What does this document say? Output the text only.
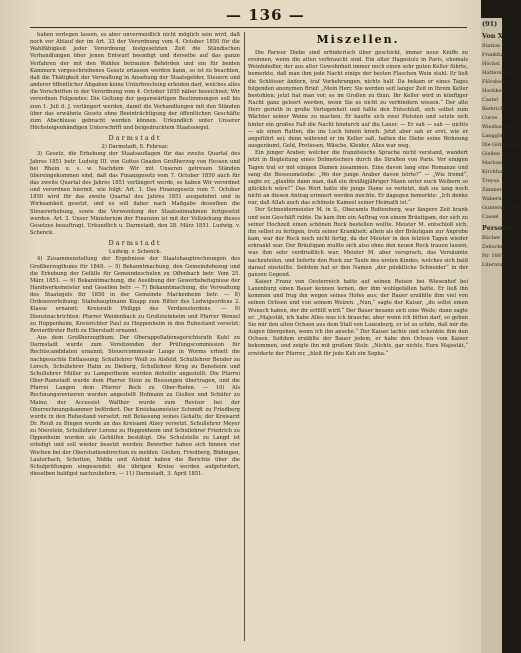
— 136 —

haben verlegen lassen, es aber unvermeidlich nicht möglich sein wird, daß noch vor Ablauf der im Art. 33 der Verordnung vom 4. October 1850 für die Wahlfähigkeit jeder Verordnung festgesetzten Zeit die Ständischen Verhandlungen über jenen Entwurf beendigt und derselbe auf das ganze Verfahren der mit den Wahlen betrauten Behörden und ein für beiden Kammern vorgeschriebenes Gesetz erlassen werden kann, so ist zu beachten, daß die Thätigkeit der Verwaltung in Ansehung der Staatsgelder, Steuern und anderer öffentlicher Abgaben keine Unterbrechung erleiden darf, welches alles die Vorschriften in der Verordnung vom 4. October 1850 näher bezeichnet; Wir verordnen Folgendes: Die Geltung der gegenwärtigen Bestimmungen soll bis zum 1. Juli d. J. verlängert werden, damit die Verhandlungen mit den Ständen über das erwähnte Gesetz ohne Beeinträchtigung der öffentlichen Geschäfte zum Abschlusse gebracht werden können. Urkundlich unter Unserer Höchsteigenhändigen Unterschrift und beigedrucktem Staatssiegel.

Darmstadt

2) Darmstadt, 8. Februar.

3) Gesetz, die Erhebung der Staatsauflagen für das zweite Quartal des Jahres 1851 betr. Ludwig III. von Gottes Gnaden Großherzog von Hessen und bei Rhein u. s. w. Nachdem Wir mit Unseren getreuen Ständen übereingekommen sind, daß das Finanzgesetz vom 7. October 1850 auch für das zweite Quartal des Jahres 1851 verlängert werde, so haben Wir verordnet und verordnen hiermit, wie folgt: Art. 1. Das Finanzgesetz vom 7. October 1850 wird für das zweite Quartal des Jahres 1851 ausgedehnt und in Wirksamkeit gesetzt, und es soll daher nach Maßgabe desselben die Steuererhebung, sowie die Verwendung der Staatseinnahmen fortgesetzt werden. Art. 2. Unser Ministerium der Finanzen ist mit der Vollziehung dieses Gesetzes beauftragt. Urkundlich u. Darmstadt, den 28. März 1851. Ludwig. v. Schenck.

Darmstadt

Ludwig. v. Schenck.

4) Zusammenstellung der Ergebnisse der Staatshauptrechnungen des Großherzogthums für 1848. — 5) Bekanntmachung, den Gemeindebezug und die Erhebung der Gefälle für Gemeindeschulen zu Offenbach betr. Vom 25. März 1851. — 6) Bekanntmachung, die Ausübung der Gewerbsbefugnisse der Handwerksmeister und Gesellen betr. — 7) Bekanntmachung, die Verwaltung des Staatsguts für 1850 in der Gemeinde Mackenheim betr. — 8) Ordensverleihung: Stabshauptmann Knapp zum Ritter des Ludwigsordens 2. Klasse ernannt; Kreisrath Philippi des Verdienstordens. — 9) Dienstnachrichten: Pfarrer Weidenbach zu Großsteinheim und Pfarrer Wenzel zu Heppenheim, Kreisrichter Paul zu Heppenheim in den Ruhestand versetzt; Revierförster Roth zu Eberstadt ernannt.

Aus dem Großherzogthum: Der Oberappellationsgerichtsrath Kuhl zu Darmstadt wurde zum Vorsitzenden der Prüfungscommission für Rechtscandidaten ernannt; Steuercommissär Lange in Worms erhielt die nachgesuchte Entlassung; Schullehrer Weiß zu Alsfeld, Schullehrer Bender zu Lorsch, Schullehrer Hahn zu Dieburg, Schullehrer Krug zu Bensheim und Schullehrer Müller zu Lampertheim wurden definitiv angestellt. Die Pfarrei Ober-Ramstadt wurde dem Pfarrer Stein zu Bessungen übertragen, und die Pfarrei Langen dem Pfarrer Beck zu Ober-Roden. — 10) Als Rechnungsrevisoren wurden angestellt Hofmann zu Gießen und Schäfer zu Mainz; der Accessist Walther wurde zum Revisor bei der Oberrechnungskammer befördert. Der Kreisbaumeister Schmidt zu Friedberg wurde in den Ruhestand versetzt, mit Belassung seines Gehalts; der Kreisarzt Dr. Reuß zu Bingen wurde an das Kreisamt Alzey versetzt. Schullehrer Meyer zu Nierstein, Schullehrer Lorenz zu Heppenheim und Schullehrer Friedrich zu Oppenheim wurden als Gehülfen bestätigt. Die Schulstelle zu Langd ist erledigt und soll wieder besetzt werden; Bewerber haben sich binnen vier Wochen bei der Oberstudiendirection zu melden. Gießen, Friedberg, Büdingen, Lauterbach, Schotten, Nidda und Alsfeld haben die Berichte über die Schulprüfungen eingesendet; die übrigen Kreise werden aufgefordert, dieselben baldigst nachzuliefern. — 11) Darmstadt, 3. April 1851.

Miszellen.

Die Pariser Diebe sind erfinderisch über geschickt, immer neue Kniffe zu ersinnen, wenn die alten verbraucht sind. Ein alter Hagestolz in Paris, ehemals Weinhändler, der aus alter Gewohnheit immer noch einen sehr guten Keller führte, bemerkte, daß man ihm jede Nacht einige der besten Flaschen Wein stahl. Er ließ die Schlösser ändern, traf Vorkehrungen, nichts half. Da bekam er eines Tages folgenden anonymen Brief: „Mein Herr, Sie werden seit langer Zeit in Ihrem Keller bestohlen; jetzt hat man vor, es im Großen zu thun. Ihr Keller wird in künftiger Nacht ganz geleert werden, wenn Sie es nicht zu verhindern wissen.“ Der alte Herr gerieth in große Verlegenheit und faßte den Entschluß, sich selbst zum Wächter seiner Weine zu machen. Er kaufte sich zwei Pistolen und setzte sich hinter ein großes Faß die Nacht hindurch auf die Lauer. — Er sah — sah — nichts — als einen Ratten, die ins Loch hinein kroch. Jetzt aber sah er erst, wie er angeführt sei; denn während er im Keller saß, hatten die Diebe seine Wohnung ausgeräumt, Geld, Pretiosen, Wäsche, Kleider, Alles war weg.

Ein junger Araber, welcher die französische Sprache nicht verstand, wandert jetzt in Begleitung eines Dolmetschers durch die Straßen von Paris. Vor einigen Tagen trat er mit einigen Damen zusammen. Eine davon lang eine Romanze und sang die Bessoumelodie: „Wo der junge Araber davon hörte?“ — „Wie fremd“, sagte er, „glaubte dann man, daß ein dreißigjähriger Mann unter euch Weibern so glücklich wäre?“ Das Wort hatte die junge Dame so verletzt, daß sie lang noch nicht an diesen Antrag erinnert werden mochte. Er dagegen bemerkte: „Ich denke nur, daß Allah auch das schönste Kameel seiner Heimath ist.“

Der Schneidermeister M. in S., Oberamts Rottenburg, war längere Zeit krank und sein Geschäft ruhte. Da kam ihm ein Auftrag von einem Bräutigam, der sich zu seiner Hochzeit einen schönen Rock bestellen wollte. Meister M. entschloß sich, ihn selbst zu fertigen, trotz seiner Krankheit; allein als der Bräutigam zur Anprobe kam, war der Rock noch nicht fertig, da der Meister in den letzten Tagen wieder erkrankt war. Der Bräutigam mußte sich also ohne den neuen Rock trauen lassen, was ihm sehr verdrießlich war; Meister M. aber versprach, das Versäumte nachzuholen, und lieferte den Rock zur Taufe des ersten Kindes, welches sich bald darauf einstellte. Seitdem hat er den Namen „der pünktliche Schneider“ in der ganzen Gegend.

Kaiser Franz von Oesterreich hatte auf seinen Reisen bei Wiesenhof bei Laxenburg einen Bauer kennen lernen, der ihm wohlgefallen hatte. Er ließ ihn kommen und frug ihn wegen seines Hofes aus; der Bauer erzählte ihm viel von seinen Ochsen und von seinem Weizen. „Nun,“ sagte der Kaiser, „du sollst einen Wunsch haben, der dir erfüllt wird.“ Der Bauer besann sich eine Weile; dann sagte er: „Majestät, ich habe Alles was ich brauche; aber wenn ich bitten darf, so geben Sie mir den alten Ochsen aus dem Stall von Laxenburg, er ist so schön, daß mir die Augen übergehen, wenn ich ihn ansehe.“ Der Kaiser lachte und schenkte ihm den Ochsen. Seitdem erzählte der Bauer jedem, er habe den Ochsen vom Kaiser bekommen, und zeigte ihn mit großem Stolz. „Nichts, gar nichts, Eure Majestät,“ erwiderte der Pfarrer, „bloß für jede Kuh ein Sopha.“

(91)
Von X
Station
Frankfurt
Höchst
Hattersheim
Flörsheim
Hochheim
Castel
Biebrich
Curve
Wiesbaden
Langgöns
Die Güterzüge
Gießen
Marburg
Kirchhain
Treysa
Zimmersrode
Wabern
Guntershausen
Cassel
Persona
Bücher
Zeitschr.
Nr. 1887
Literatur
